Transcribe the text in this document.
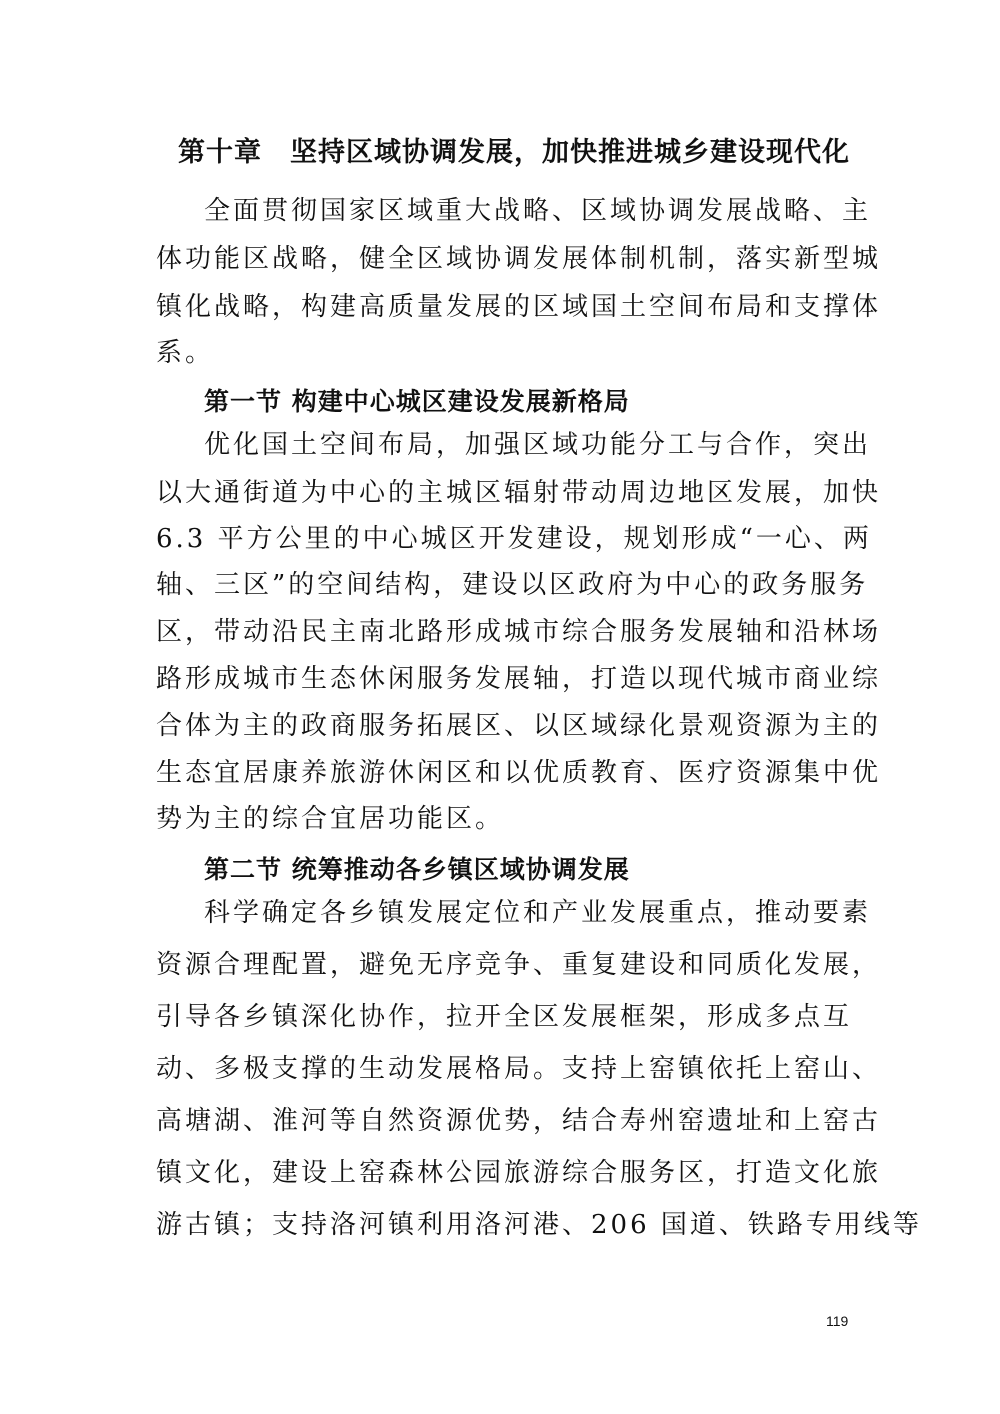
第十章　坚持区域协调发展，加快推进城乡建设现代化
全面贯彻国家区域重大战略、区域协调发展战略、主
体功能区战略，健全区域协调发展体制机制，落实新型城
镇化战略，构建高质量发展的区域国土空间布局和支撑体
系。
第一节 构建中心城区建设发展新格局
优化国土空间布局，加强区域功能分工与合作，突出
以大通街道为中心的主城区辐射带动周边地区发展，加快
6.3 平方公里的中心城区开发建设，规划形成“一心、两
轴、三区”的空间结构，建设以区政府为中心的政务服务
区，带动沿民主南北路形成城市综合服务发展轴和沿林场
路形成城市生态休闲服务发展轴，打造以现代城市商业综
合体为主的政商服务拓展区、以区域绿化景观资源为主的
生态宜居康养旅游休闲区和以优质教育、医疗资源集中优
势为主的综合宜居功能区。
第二节 统筹推动各乡镇区域协调发展
科学确定各乡镇发展定位和产业发展重点，推动要素
资源合理配置，避免无序竞争、重复建设和同质化发展，
引导各乡镇深化协作，拉开全区发展框架，形成多点互
动、多极支撑的生动发展格局。支持上窑镇依托上窑山、
高塘湖、淮河等自然资源优势，结合寿州窑遗址和上窑古
镇文化，建设上窑森林公园旅游综合服务区，打造文化旅
游古镇；支持洛河镇利用洛河港、206 国道、铁路专用线等
119
